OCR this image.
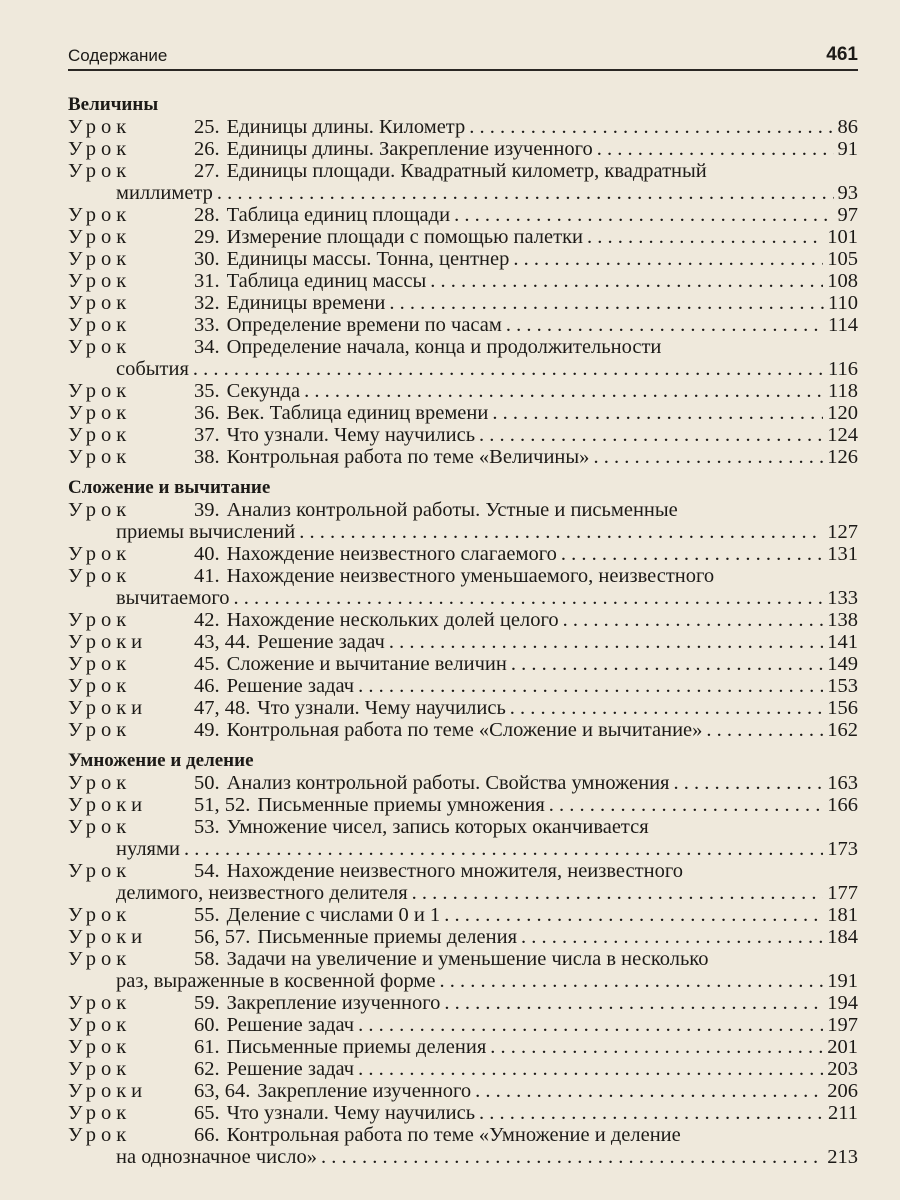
Содержание	461
Величины
Урок	25. Единицы длины. Километр . . .	86
Урок	26. Единицы длины. Закрепление изученного . . .	91
Урок	27. Единицы площади. Квадратный километр, квадратный
миллиметр . . .	93
Урок	28. Таблица единиц площади . . .	97
Урок	29. Измерение площади с помощью палетки . . .	101
Урок	30. Единицы массы. Тонна, центнер . . .	105
Урок	31. Таблица единиц массы . . .	108
Урок	32. Единицы времени . . .	110
Урок	33. Определение времени по часам . . .	114
Урок	34. Определение начала, конца и продолжительности
события . . .	116
Урок	35. Секунда . . .	118
Урок	36. Век. Таблица единиц времени . . .	120
Урок	37. Что узнали. Чему научились . . .	124
Урок	38. Контрольная работа по теме «Величины» . . .	126
Сложение и вычитание
Урок	39. Анализ контрольной работы. Устные и письменные
приемы вычислений . . .	127
Урок	40. Нахождение неизвестного слагаемого . . .	131
Урок	41. Нахождение неизвестного уменьшаемого, неизвестного
вычитаемого . . .	133
Урок	42. Нахождение нескольких долей целого . . .	138
Уроки	43, 44. Решение задач . . .	141
Урок	45. Сложение и вычитание величин . . .	149
Урок	46. Решение задач . . .	153
Уроки	47, 48. Что узнали. Чему научились . . .	156
Урок	49. Контрольная работа по теме «Сложение и вычитание» . . .	162
Умножение и деление
Урок	50. Анализ контрольной работы. Свойства умножения . . .	163
Уроки	51, 52. Письменные приемы умножения . . .	166
Урок	53. Умножение чисел, запись которых оканчивается
нулями . . .	173
Урок	54. Нахождение неизвестного множителя, неизвестного
делимого, неизвестного делителя . . .	177
Урок	55. Деление с числами 0 и 1 . . .	181
Уроки	56, 57. Письменные приемы деления . . .	184
Урок	58. Задачи на увеличение и уменьшение числа в несколько
раз, выраженные в косвенной форме . . .	191
Урок	59. Закрепление изученного . . .	194
Урок	60. Решение задач . . .	197
Урок	61. Письменные приемы деления . . .	201
Урок	62. Решение задач . . .	203
Уроки	63, 64. Закрепление изученного . . .	206
Урок	65. Что узнали. Чему научились . . .	211
Урок	66. Контрольная работа по теме «Умножение и деление
на однозначное число» . . .	213
